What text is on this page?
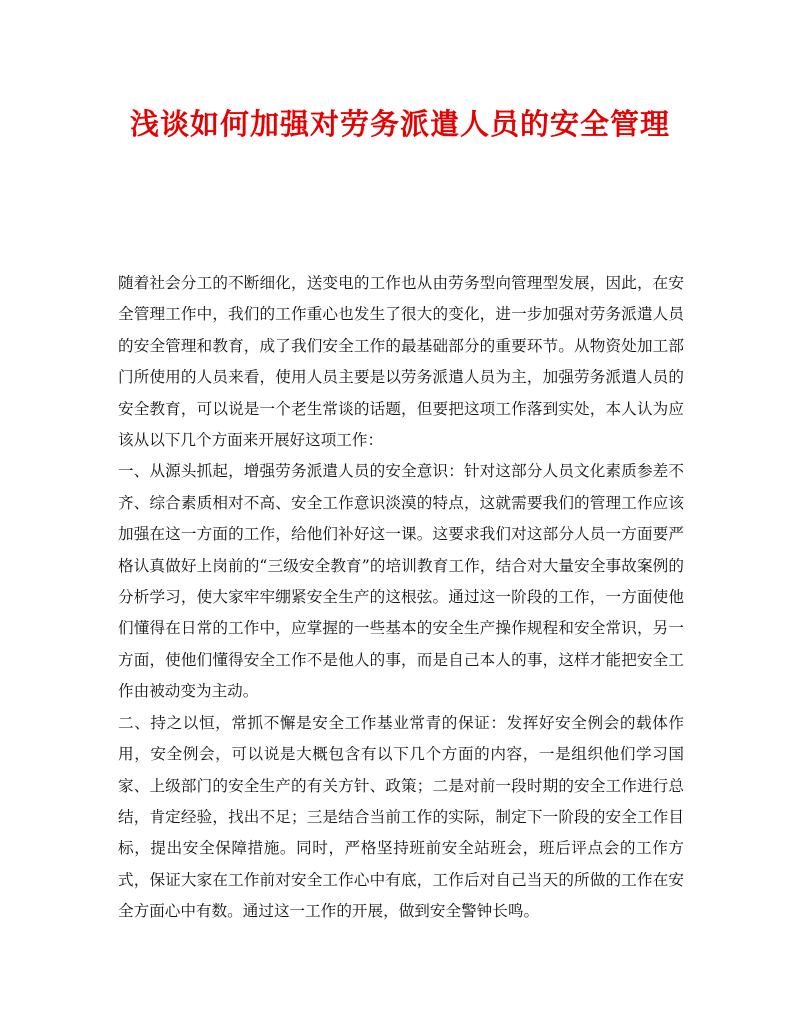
浅谈如何加强对劳务派遣人员的安全管理

随着社会分工的不断细化，送变电的工作也从由劳务型向管理型发展，因此，在安全管理工作中，我们的工作重心也发生了很大的变化，进一步加强对劳务派遣人员的安全管理和教育，成了我们安全工作的最基础部分的重要环节。从物资处加工部门所使用的人员来看，使用人员主要是以劳务派遣人员为主，加强劳务派遣人员的安全教育，可以说是一个老生常谈的话题，但要把这项工作落到实处，本人认为应该从以下几个方面来开展好这项工作：

一、从源头抓起，增强劳务派遣人员的安全意识：针对这部分人员文化素质参差不齐、综合素质相对不高、安全工作意识淡漠的特点，这就需要我们的管理工作应该加强在这一方面的工作，给他们补好这一课。这要求我们对这部分人员一方面要严格认真做好上岗前的“三级安全教育”的培训教育工作，结合对大量安全事故案例的分析学习，使大家牢牢绷紧安全生产的这根弦。通过这一阶段的工作，一方面使他们懂得在日常的工作中，应掌握的一些基本的安全生产操作规程和安全常识，另一方面，使他们懂得安全工作不是他人的事，而是自己本人的事，这样才能把安全工作由被动变为主动。

二、持之以恒，常抓不懈是安全工作基业常青的保证：发挥好安全例会的载体作用，安全例会，可以说是大概包含有以下几个方面的内容，一是组织他们学习国家、上级部门的安全生产的有关方针、政策；二是对前一段时期的安全工作进行总结，肯定经验，找出不足；三是结合当前工作的实际，制定下一阶段的安全工作目标，提出安全保障措施。同时，严格坚持班前安全站班会，班后评点会的工作方式，保证大家在工作前对安全工作心中有底，工作后对自己当天的所做的工作在安全方面心中有数。通过这一工作的开展，做到安全警钟长鸣。
